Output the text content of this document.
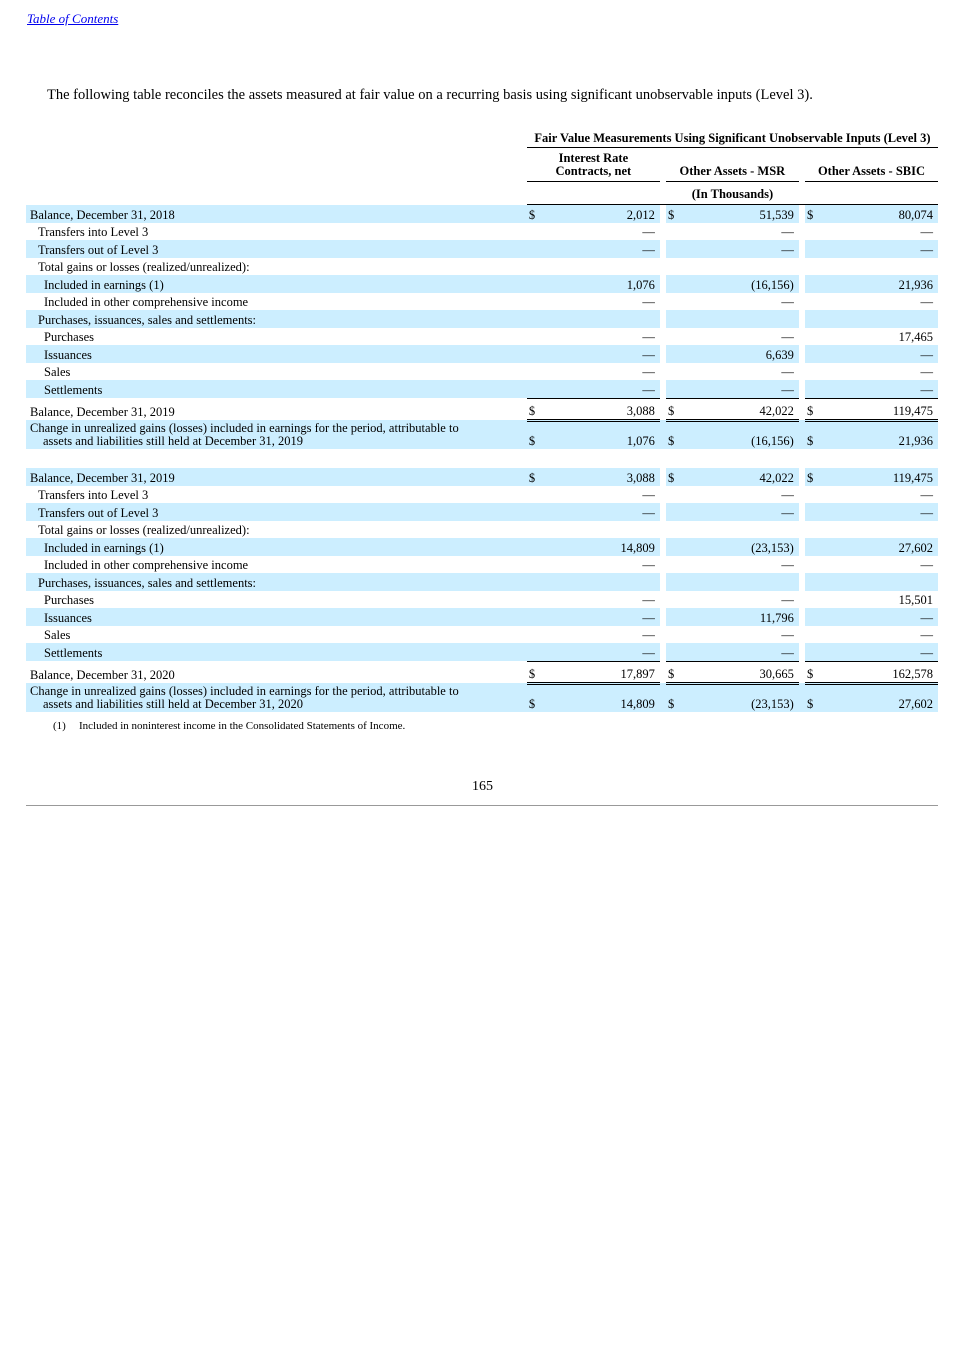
Table of Contents
The following table reconciles the assets measured at fair value on a recurring basis using significant unobservable inputs (Level 3).
	Fair Value Measurements Using Significant Unobservable Inputs (Level 3)							
	Interest Rate Contracts, net			Other Assets - MSR			Other Assets - SBIC	
	(In Thousands)							
Balance, December 31, 2018	$	2,012		$	51,539		$	80,074
Transfers into Level 3		—			—			—
Transfers out of Level 3		—			—			—
Total gains or losses (realized/unrealized):								
Included in earnings (1)		1,076			(16,156)			21,936
Included in other comprehensive income		—			—			—
Purchases, issuances, sales and settlements:								
Purchases		—			—			17,465
Issuances		—			6,639			—
Sales		—			—			—
Settlements		—			—			—
Balance, December 31, 2019	$	3,088		$	42,022		$	119,475
Change in unrealized gains (losses) included in earnings for the period, attributable to
assets and liabilities still held at December 31, 2019	$	1,076		$	(16,156)		$	21,936

Balance, December 31, 2019	$	3,088		$	42,022		$	119,475
Transfers into Level 3		—			—			—
Transfers out of Level 3		—			—			—
Total gains or losses (realized/unrealized):								
Included in earnings (1)		14,809			(23,153)			27,602
Included in other comprehensive income		—			—			—
Purchases, issuances, sales and settlements:								
Purchases		—			—			15,501
Issuances		—			11,796			—
Sales		—			—			—
Settlements		—			—			—
Balance, December 31, 2020	$	17,897		$	30,665		$	162,578
Change in unrealized gains (losses) included in earnings for the period, attributable to
assets and liabilities still held at December 31, 2020	$	14,809		$	(23,153)		$	27,602
(1) Included in noninterest income in the Consolidated Statements of Income.
165
